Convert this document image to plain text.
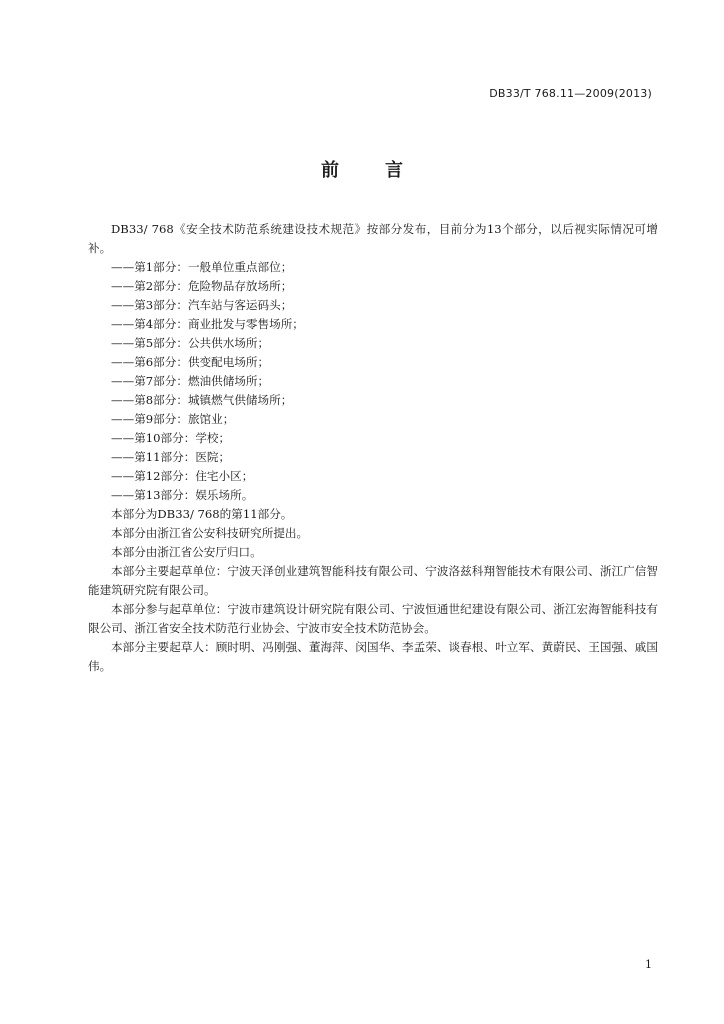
DB33/T 768.11—2009(2013)
前言

DB33/ 768《安全技术防范系统建设技术规范》按部分发布，目前分为13个部分，以后视实际情况可增补。

——第1部分：一般单位重点部位；

——第2部分：危险物品存放场所；

——第3部分：汽车站与客运码头；

——第4部分：商业批发与零售场所；

——第5部分：公共供水场所；

——第6部分：供变配电场所；

——第7部分：燃油供储场所；

——第8部分：城镇燃气供储场所；

——第9部分：旅馆业；

——第10部分：学校；

——第11部分：医院；

——第12部分：住宅小区；

——第13部分：娱乐场所。

本部分为DB33/ 768的第11部分。

本部分由浙江省公安科技研究所提出。

本部分由浙江省公安厅归口。

本部分主要起草单位：宁波天泽创业建筑智能科技有限公司、宁波洛兹科翔智能技术有限公司、浙江广信智能建筑研究院有限公司。

本部分参与起草单位：宁波市建筑设计研究院有限公司、宁波恒通世纪建设有限公司、浙江宏海智能科技有限公司、浙江省安全技术防范行业协会、宁波市安全技术防范协会。

本部分主要起草人：顾时明、冯刚强、董海萍、闵国华、李孟荣、谈春根、叶立军、黄蔚民、王国强、戚国伟。

1
